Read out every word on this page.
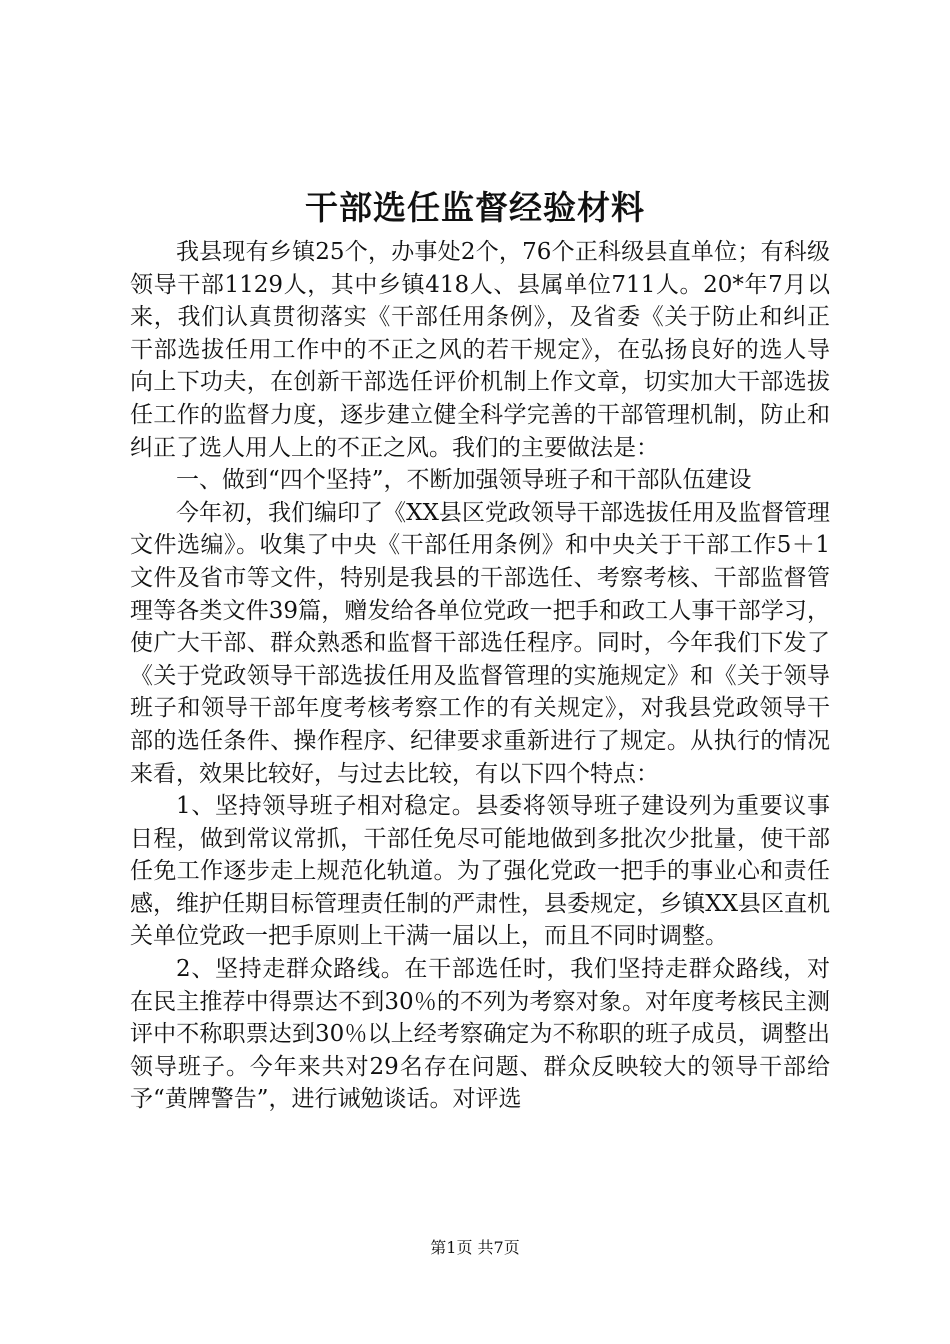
干部选任监督经验材料

我县现有乡镇25个，办事处2个，76个正科级县直单位；有科级领导干部1129人，其中乡镇418人、县属单位711人。20*年7月以来，我们认真贯彻落实《干部任用条例》，及省委《关于防止和纠正干部选拔任用工作中的不正之风的若干规定》，在弘扬良好的选人导向上下功夫，在创新干部选任评价机制上作文章，切实加大干部选拔任工作的监督力度，逐步建立健全科学完善的干部管理机制，防止和纠正了选人用人上的不正之风。我们的主要做法是：

一、做到“四个坚持”，不断加强领导班子和干部队伍建设

今年初，我们编印了《XX县区党政领导干部选拔任用及监督管理文件选编》。收集了中央《干部任用条例》和中央关于干部工作5＋1文件及省市等文件，特别是我县的干部选任、考察考核、干部监督管理等各类文件39篇，赠发给各单位党政一把手和政工人事干部学习，使广大干部、群众熟悉和监督干部选任程序。同时，今年我们下发了《关于党政领导干部选拔任用及监督管理的实施规定》和《关于领导班子和领导干部年度考核考察工作的有关规定》，对我县党政领导干部的选任条件、操作程序、纪律要求重新进行了规定。从执行的情况来看，效果比较好，与过去比较，有以下四个特点：

1、坚持领导班子相对稳定。县委将领导班子建设列为重要议事日程，做到常议常抓，干部任免尽可能地做到多批次少批量，使干部任免工作逐步走上规范化轨道。为了强化党政一把手的事业心和责任感，维护任期目标管理责任制的严肃性，县委规定，乡镇XX县区直机关单位党政一把手原则上干满一届以上，而且不同时调整。

2、坚持走群众路线。在干部选任时，我们坚持走群众路线，对在民主推荐中得票达不到30％的不列为考察对象。对年度考核民主测评中不称职票达到30％以上经考察确定为不称职的班子成员，调整出领导班子。今年来共对29名存在问题、群众反映较大的领导干部给予“黄牌警告”，进行诫勉谈话。对评选

第1页 共7页
